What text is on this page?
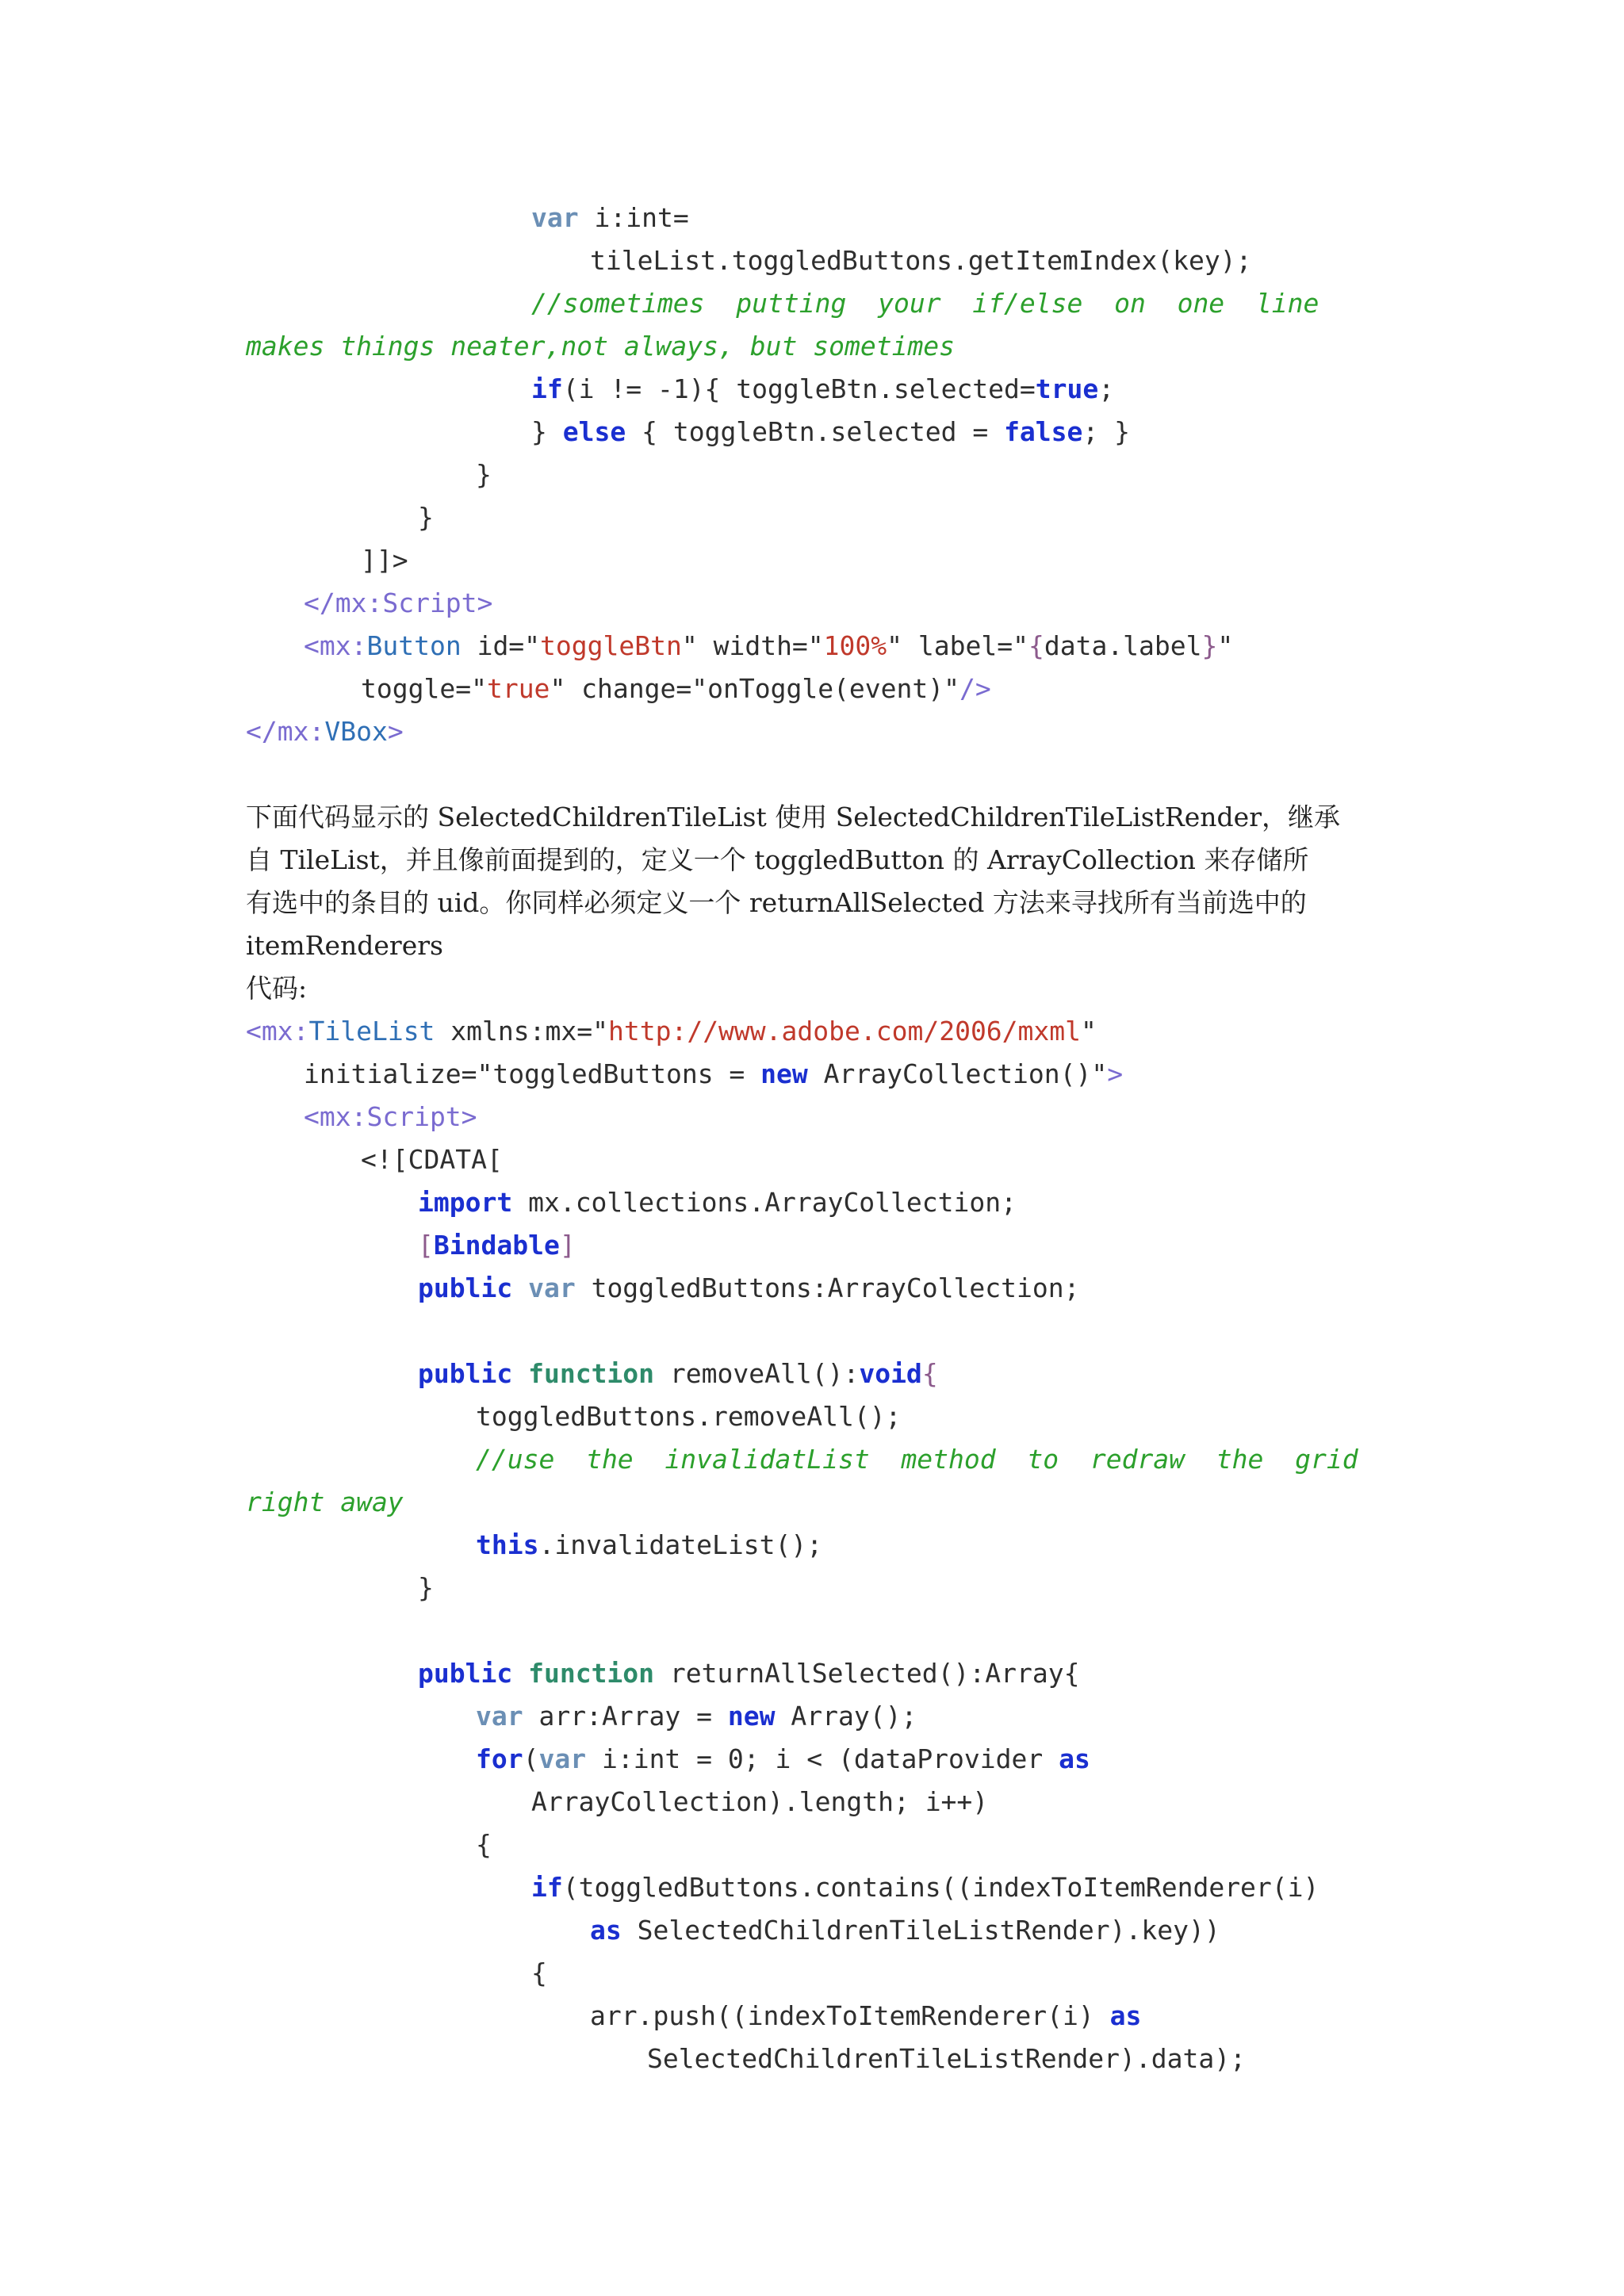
var i:int=
tileList.toggledButtons.getItemIndex(key);
//sometimes  putting  your  if/else  on  one  line
makes things neater,not always, but sometimes
if(i != -1){ toggleBtn.selected=true;
} else { toggleBtn.selected = false; }
}
}
]]>
</mx:Script>
<mx:Button id="toggleBtn" width="100%" label="{data.label}"
toggle="true" change="onToggle(event)"/>
</mx:VBox>
<mx:TileList xmlns:mx="http://www.adobe.com/2006/mxml"
initialize="toggledButtons = new ArrayCollection()">
<mx:Script>
<![CDATA[
import mx.collections.ArrayCollection;
[Bindable]
public var toggledButtons:ArrayCollection;
public function removeAll():void{
toggledButtons.removeAll();
//use  the  invalidatList  method  to  redraw  the  grid
right away
this.invalidateList();
}
public function returnAllSelected():Array{
var arr:Array = new Array();
for(var i:int = 0; i < (dataProvider as
ArrayCollection).length; i++)
{
if(toggledButtons.contains((indexToItemRenderer(i)
as SelectedChildrenTileListRender).key))
{
arr.push((indexToItemRenderer(i) as
SelectedChildrenTileListRender).data);
下面代码显示的 SelectedChildrenTileList 使用 SelectedChildrenTileListRender，继承
自 TileList，并且像前面提到的，定义一个 toggledButton 的 ArrayCollection 来存储所
有选中的条目的 uid。你同样必须定义一个 returnAllSelected 方法来寻找所有当前选中的
itemRenderers
代码:
